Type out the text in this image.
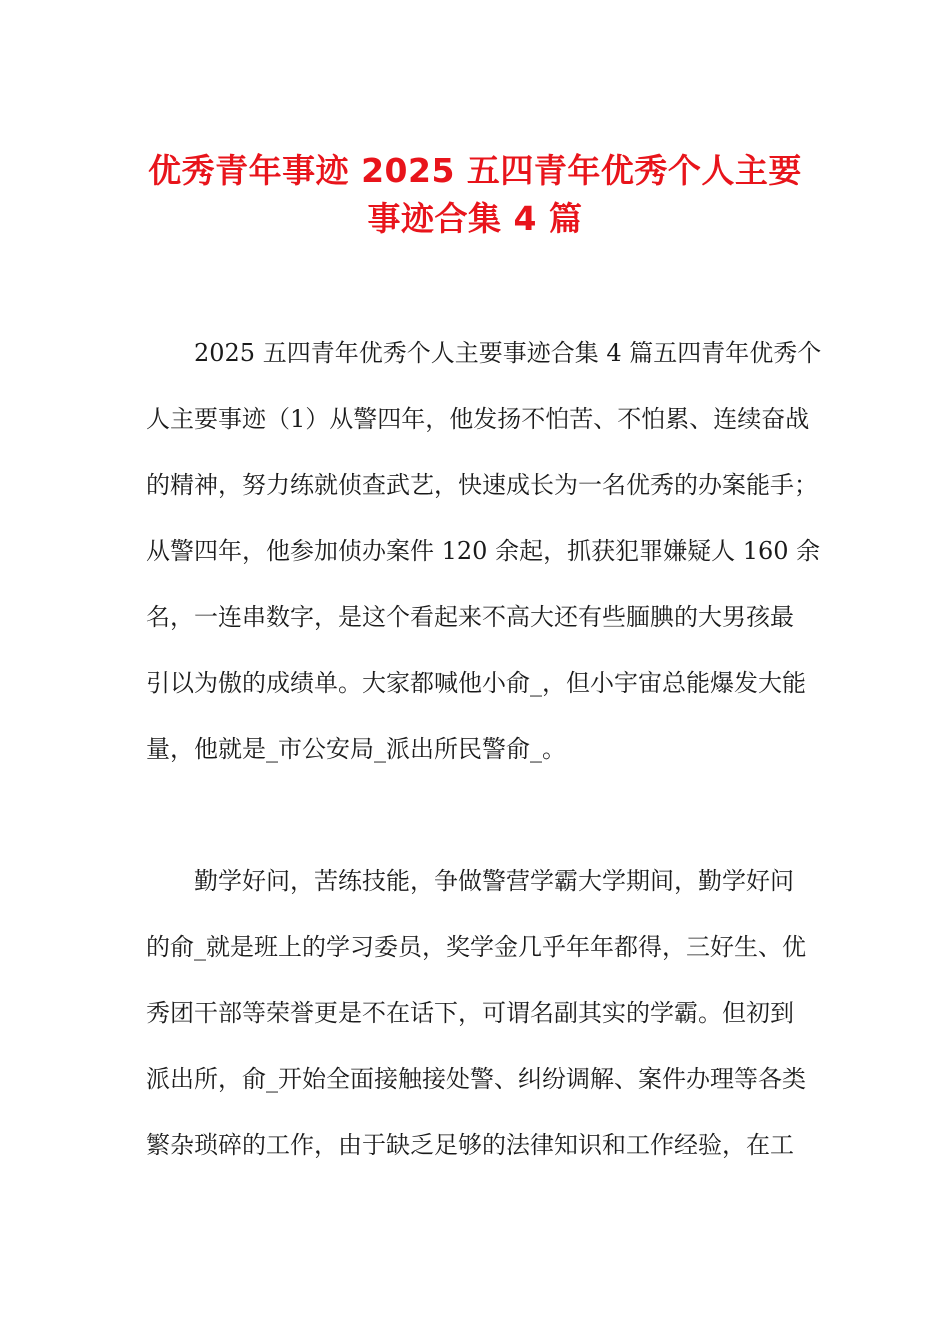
优秀青年事迹 2025 五四青年优秀个人主要
事迹合集 4 篇
2025 五四青年优秀个人主要事迹合集 4 篇五四青年优秀个
人主要事迹（1）从警四年，他发扬不怕苦、不怕累、连续奋战
的精神，努力练就侦查武艺，快速成长为一名优秀的办案能手；
从警四年，他参加侦办案件 120 余起，抓获犯罪嫌疑人 160 余
名，一连串数字，是这个看起来不高大还有些腼腆的大男孩最
引以为傲的成绩单。大家都喊他小俞_，但小宇宙总能爆发大能
量，他就是_市公安局_派出所民警俞_。
勤学好问，苦练技能，争做警营学霸大学期间，勤学好问
的俞_就是班上的学习委员，奖学金几乎年年都得，三好生、优
秀团干部等荣誉更是不在话下，可谓名副其实的学霸。但初到
派出所，俞_开始全面接触接处警、纠纷调解、案件办理等各类
繁杂琐碎的工作，由于缺乏足够的法律知识和工作经验，在工
